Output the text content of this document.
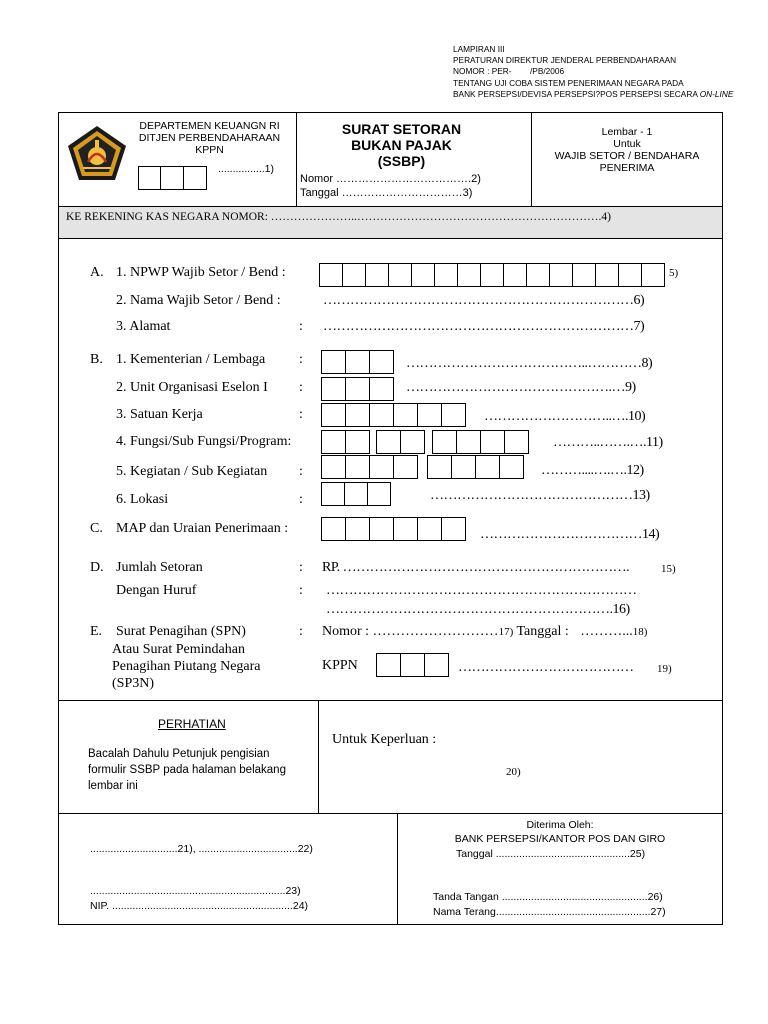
LAMPIRAN III
PERATURAN DIREKTUR JENDERAL PERBENDAHARAAN
NOMOR : PER-        /PB/2006
TENTANG UJI COBA SISTEM PENERIMAAN NEGARA PADA
BANK PERSEPSI/DEVISA PERSEPSI?POS PERSEPSI SECARA ON-LINE
DEPARTEMEN KEUANGN RI
DITJEN PERBENDAHARAAN
KPPN
................1)
SURAT SETORAN
BUKAN PAJAK
(SSBP)
Nomor ……………………………….2)
Tanggal ……………………………3)
Lembar - 1
Untuk
WAJIB SETOR / BENDAHARA
PENERIMA
KE REKENING KAS NEGARA NOMOR: …………………..……………………………………………………….4)
A. 1. NPWP Wajib Setor / Bend :	5)
2. Nama Wajib Setor / Bend :	……………………………………………………………6)
3. Alamat	: ……………………………………………………………7)
B. 1. Kementerian / Lembaga :	…………………………………..…………8)
2. Unit Organisasi Eselon I :	……………………………………….…9)
3. Satuan Kerja	:	………………………..….10)
4. Fungsi/Sub Fungsi/Program:	………..…….….11)
5. Kegiatan / Sub Kegiatan :	………....….….12)
6. Lokasi	:	………………………………………13)
C. MAP dan Uraian Penerimaan :	………………………………14)
D. Jumlah Setoran	: RP. ……………………………………………………….	15)
Dengan Huruf	: ……………………………………………………………
……………………………………………………….16)
E. Surat Penagihan (SPN)	: Nomor : ………………………17) Tanggal : ………...18)
Atau Surat Pemindahan
Penagihan Piutang Negara
(SP3N)
KPPN	………………………………… 19)
PERHATIAN
Bacalah Dahulu Petunjuk pengisian
formulir SSBP pada halaman belakang
lembar ini
Untuk Keperluan :
20)
..............................21), ..................................22)
...................................................................23)
NIP. ..............................................................24)
Diterima Oleh:
BANK PERSEPSI/KANTOR POS DAN GIRO
Tanggal ..............................................25)
Tanda Tangan ..................................................26)
Nama Terang.....................................................27)
